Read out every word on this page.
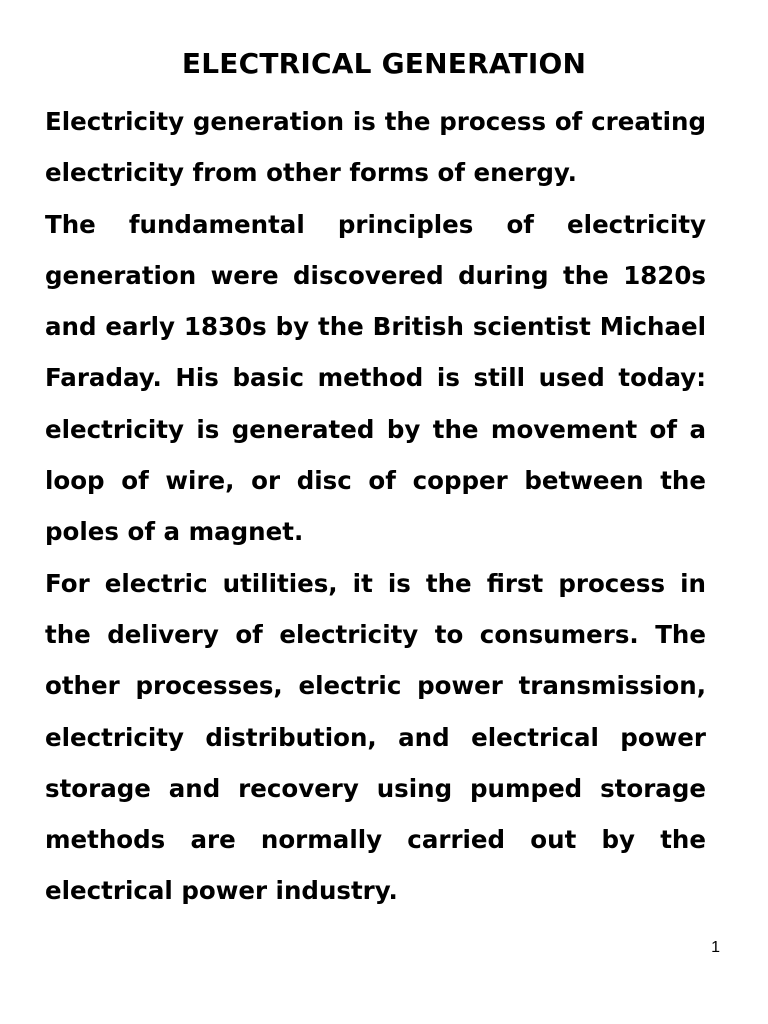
ELECTRICAL GENERATION

Electricity generation is the process of creating electricity from other forms of energy.

The fundamental principles of electricity generation were discovered during the 1820s and early 1830s by the British scientist Michael Faraday. His basic method is still used today: electricity is generated by the movement of a loop of wire, or disc of copper between the poles of a magnet.

For electric utilities, it is the first process in the delivery of electricity to consumers. The other processes, electric power transmission, electricity distribution, and electrical power storage and recovery using pumped storage methods are normally carried out by the electrical power industry.

1
